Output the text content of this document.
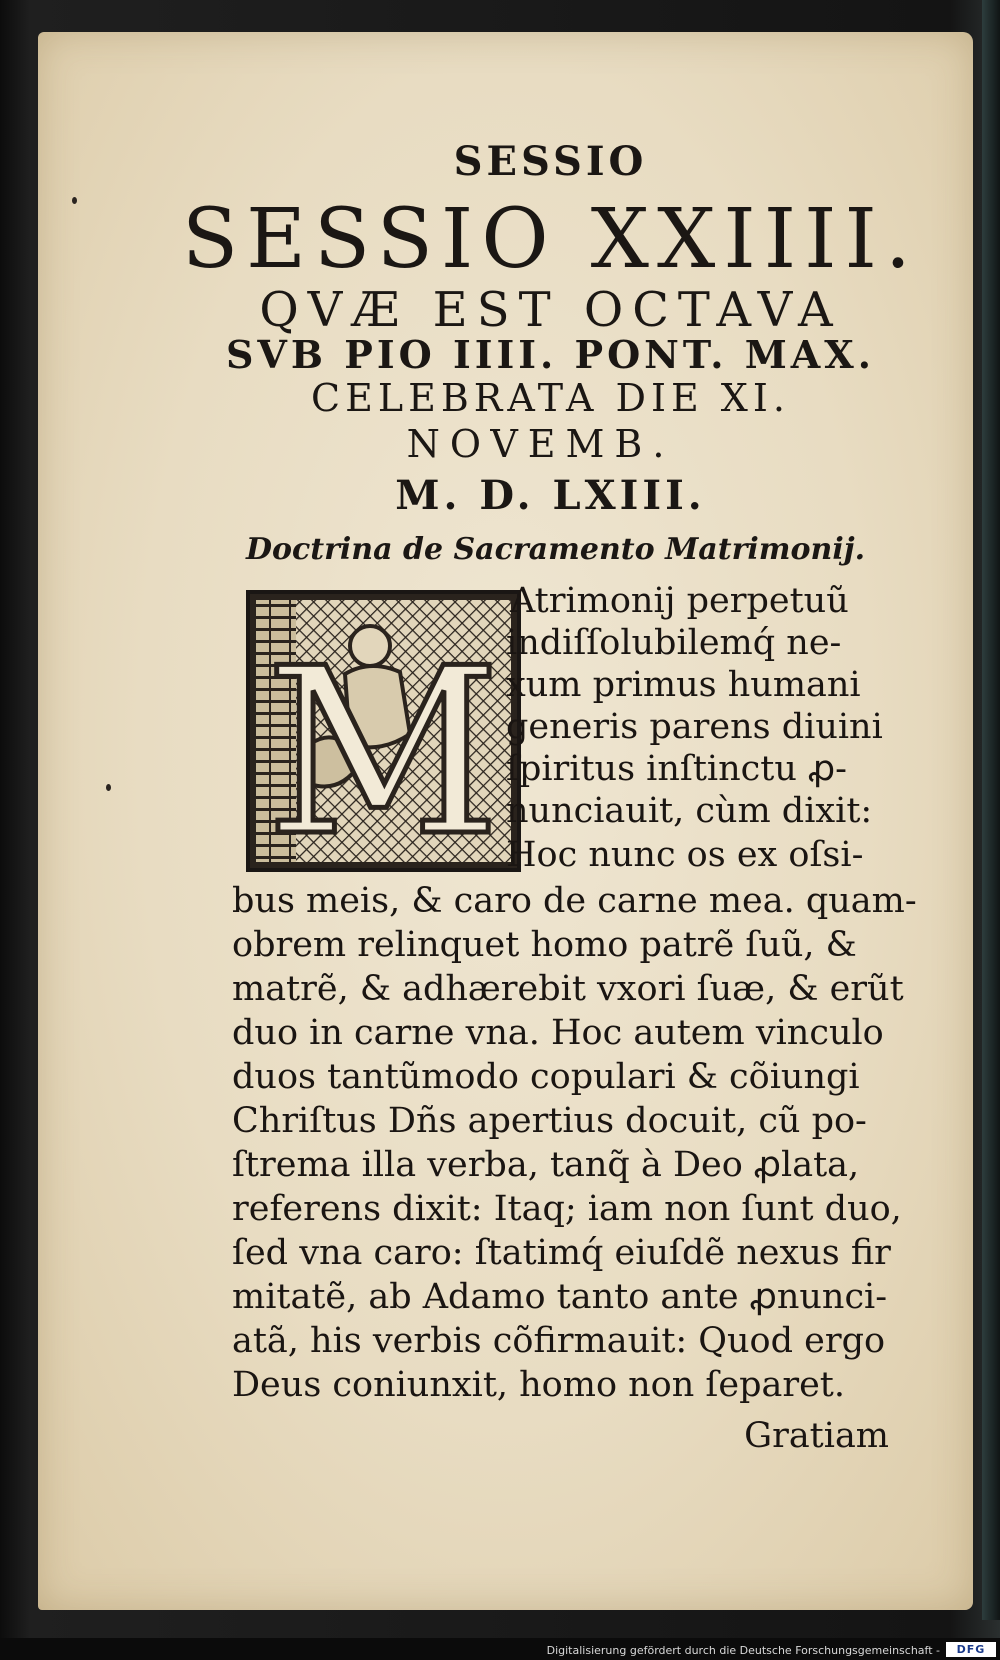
SESSIO

SESSIO XXIIII.

QVÆ EST OCTAVA

SVB PIO IIII. PONT. MAX.

CELEBRATA DIE XI.

NOVEMB.

M. D. LXIII.

Doctrina de Sacramento Matrimonij.

M

Atrimonij perpetuũ

indiſſolubilemq́ ne-

xum primus humani

generis parens diuini

ſpiritus inſtinctu ꝓ-

nunciauit, cùm dixit:

Hoc nunc os ex oſsi-

bus meis, & caro de carne mea. quam-

obrem relinquet homo patrẽ ſuũ, &

matrẽ, & adhærebit vxori ſuæ, & erũt

duo in carne vna. Hoc autem vinculo

duos tantũmodo copulari & cõiungi

Chriſtus Dñs apertius docuit, cũ po-

ſtrema illa verba, tanq̃ à Deo ꝓlata,

referens dixit: Itaq; iam non ſunt duo,

ſed vna caro: ſtatimq́ eiuſdẽ nexus fir

mitatẽ, ab Adamo tanto ante ꝓnunci-

atã, his verbis cõfirmauit: Quod ergo

Deus coniunxit, homo non ſeparet.

Gratiam

Digitalisierung gefördert durch die Deutsche Forschungsgemeinschaft -	DFG
